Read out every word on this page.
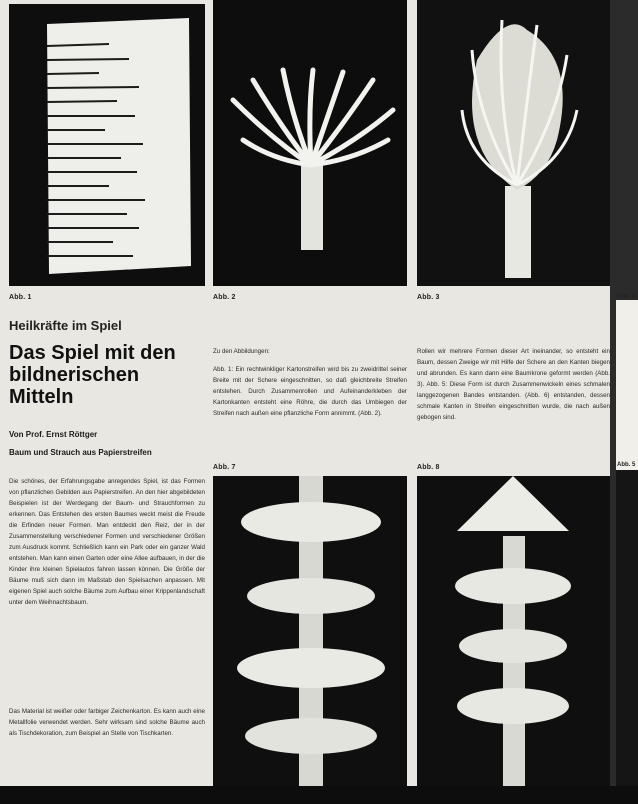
Abb. 1	Abb. 2	Abb. 3
Abb. 7	Abb. 8
Heilkräfte im Spiel
Das Spiel mit den bildnerischen Mitteln
Von Prof. Ernst Röttger
Baum und Strauch aus Papierstreifen
Die schönes, der Erfahrungsgabe anregendes Spiel, ist das Formen von pflanzlichen Gebilden aus Papierstreifen. An den hier abgebildeten Beispielen ist der Werdegang der Baum- und Strauchformen zu erkennen. Das Entstehen des ersten Baumes weckt meist die Freude die Erfinden neuer Formen. Man entdeckt den Reiz, der in der Zusammenstellung verschiedener Formen und verschiedener Größen zum Ausdruck kommt. Schließlich kann ein Park oder ein ganzer Wald entstehen. Man kann einen Garten oder eine Allee aufbauen, in der die Kinder ihre kleinen Spielautos fahren lassen können. Die Größe der Bäume muß sich dann im Maßstab den Spielsachen anpassen. Mit eigenen Spiel auch solche Bäume zum Aufbau einer Krippenlandschaft unter dem Weihnachtsbaum.
Das Material ist weißer oder farbiger Zeichenkarton. Es kann auch eine Metallfolie verwendet werden. Sehr wirksam sind solche Bäume auch als Tischdekoration, zum Beispiel an Stelle von Tischkarten.
Zu den Abbildungen:
Abb. 1: Ein rechtwinkliger Kartonstreifen wird bis zu zweidrittel seiner Breite mit der Schere eingeschnitten, so daß gleichbreite Streifen entstehen. Durch Zusammenrollen und Aufeinanderkleben der Kartonkanten entsteht eine Röhre, die durch das Umbiegen der Streifen nach außen eine pflanzliche Form annimmt. (Abb. 2).
Rollen wir mehrere Formen dieser Art ineinander, so entsteht ein Baum, dessen Zweige wir mit Hilfe der Schere an den Kanten biegen und abrunden. Es kann dann eine Baumkrone geformt werden (Abb. 3). Abb. 5: Diese Form ist durch Zusammenwickeln eines schmalen langgezogenen Bandes entstanden. (Abb. 6) entstanden, dessen schmale Kanten in Streifen eingeschnitten wurde, die nach außen gebogen sind.
Abb. 4
Abb. 5
